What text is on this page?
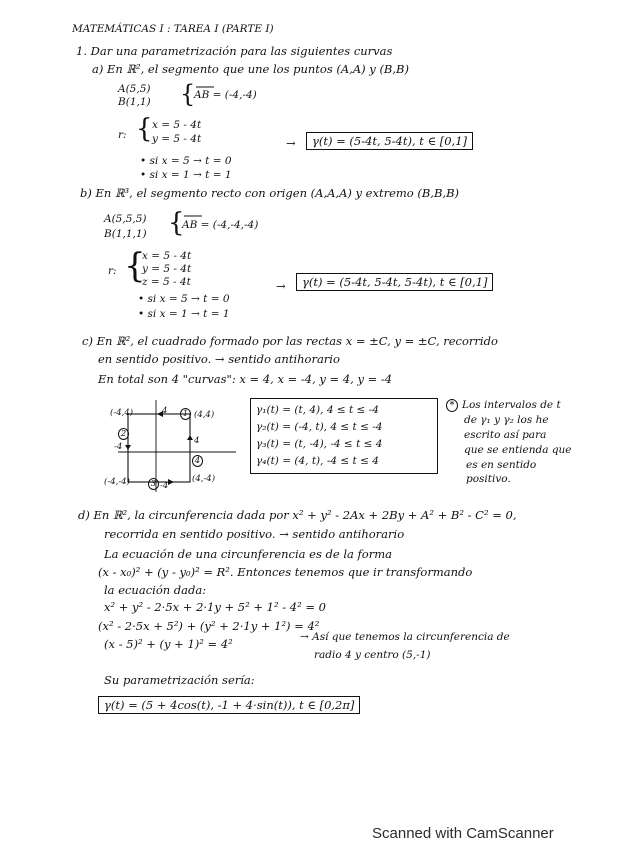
MATEMÁTICAS I : TAREA I (PARTE I)
1. Dar una parametrización para las siguientes curvas
a) En ℝ², el segmento que une los puntos (A,A) y (B,B)
A(5,5)
B(1,1) {
AB = (-4,-4)
r: { x = 5 - 4t
y = 5 - 4t	→	γ(t) = (5-4t, 5-4t), t ∈ [0,1]
• si x = 5 → t = 0
• si x = 1 → t = 1
b) En ℝ³, el segmento recto con origen (A,A,A) y extremo (B,B,B)
A(5,5,5)
B(1,1,1) {
AB = (-4,-4,-4)
r: {
x = 5 - 4t
y = 5 - 4t
z = 5 - 4t	→	γ(t) = (5-4t, 5-4t, 5-4t), t ∈ [0,1]
• si x = 5 → t = 0
• si x = 1 → t = 1
c) En ℝ², el cuadrado formado por las rectas x = ±C, y = ±C, recorrido
en sentido positivo. → sentido antihorario
En total son 4 "curvas": x = 4, x = -4, y = 4, y = -4
(-4,4)	(4,4)
(-4,-4)	(4,-4)
4
-4
4
-4
1
2
3
4
γ₁(t) = (t, 4), 4 ≤ t ≤ -4
γ₂(t) = (-4, t), 4 ≤ t ≤ -4
γ₃(t) = (t, -4), -4 ≤ t ≤ 4
γ₄(t) = (4, t), -4 ≤ t ≤ 4
* Los intervalos de t
de γ₁ y γ₂ los he
escrito así para
que se entienda que
es en sentido
positivo.
d) En ℝ², la circunferencia dada por x² + y² - 2Ax + 2By + A² + B² - C² = 0,
recorrida en sentido positivo. → sentido antihorario
La ecuación de una circunferencia es de la forma
(x - x₀)² + (y - y₀)² = R². Entonces tenemos que ir transformando
la ecuación dada:
x² + y² - 2·5x + 2·1y + 5² + 1² - 4² = 0
(x² - 2·5x + 5²) + (y² + 2·1y + 1²) = 4²
(x - 5)² + (y + 1)² = 4²	→ Así que tenemos la circunferencia de
radio 4 y centro (5,-1)
Su parametrización sería:
γ(t) = (5 + 4cos(t), -1 + 4·sin(t)), t ∈ [0,2π]
Scanned with CamScanner
